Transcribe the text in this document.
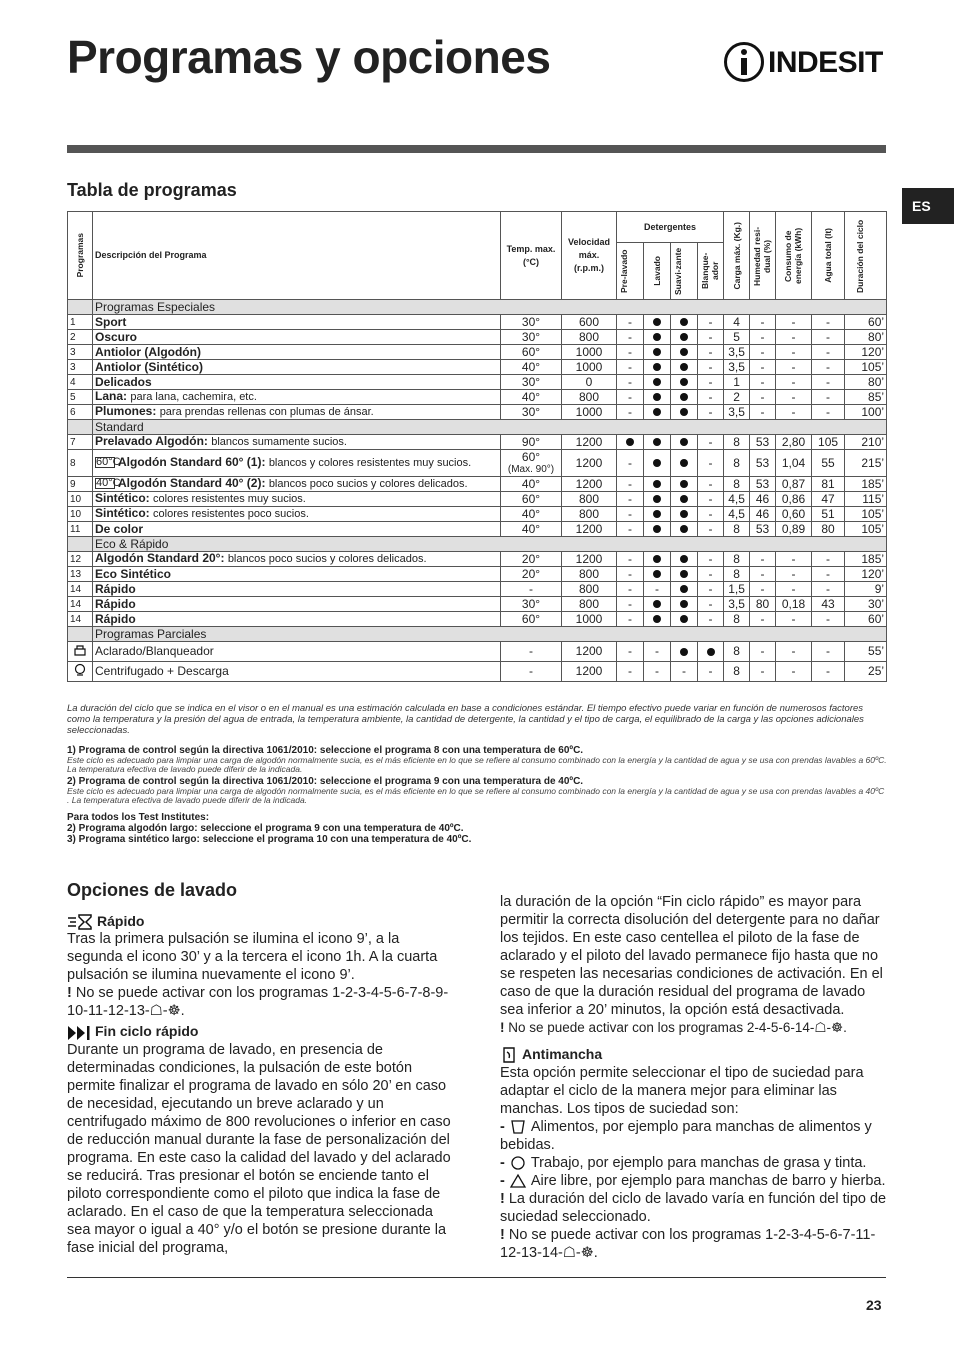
Programas y opciones	INDESIT
ES
Tabla de programas
Programas	Descripción del Programa	Temp. max. (°C)	Velocidad máx. (r.p.m.)	Detergentes				Carga máx. (Kg.)	Humedad resi-dual (%)	Consumo de energía (kWh)	Agua total (lt)	Duración del ciclo

				Pre-lavado	Lavado	Suavi-zante	Blanque-ador					

	Programas Especiales											
1	Sport	30°	600	-			-	4	-	-	-	60’
2	Oscuro	30°	800	-			-	5	-	-	-	80’
3	Antiolor (Algodón)	60°	1000	-			-	3,5	-	-	-	120’
3	Antiolor (Sintético)	40°	1000	-			-	3,5	-	-	-	105’
4	Delicados	30°	0	-			-	1	-	-	-	80’
5	Lana: para lana, cachemira, etc.	40°	800	-			-	2	-	-	-	85’
6	Plumones: para prendas rellenas con plumas de ánsar.	30°	1000	-			-	3,5	-	-	-	100’
	Standard											
7	Prelavado Algodón: blancos sumamente sucios.	90°	1200				-	8	53	2,80	105	210’
8	60°CAlgodón Standard 60° (1): blancos y colores resistentes muy sucios.	60°
(Max. 90°)	1200	-			-	8	53	1,04	55	215’
9	40°CAlgodón Standard 40° (2): blancos poco sucios y colores delicados.	40°	1200	-			-	8	53	0,87	81	185’
10	Sintético: colores resistentes muy sucios.	60°	800	-			-	4,5	46	0,86	47	115’
10	Sintético: colores resistentes poco sucios.	40°	800	-			-	4,5	46	0,60	51	105’
11	De color	40°	1200	-			-	8	53	0,89	80	105’
	Eco & Rápido											
12	Algodón Standard 20°: blancos poco sucios y colores delicados.	20°	1200	-			-	8	-	-	-	185’
13	Eco Sintético	20°	800	-			-	8	-	-	-	120’
14	Rápido	-	800	-	-		-	1,5	-	-	-	9’
14	Rápido	30°	800	-			-	3,5	80	0,18	43	30’
14	Rápido	60°	1000	-			-	8	-	-	-	60’
	Programas Parciales											
	Aclarado/Blanqueador	-	1200	-	-			8	-	-	-	55’
	Centrifugado + Descarga	-	1200	-	-	-	-	8	-	-	-	25’
La duración del ciclo que se indica en el visor o en el manual es una estimación calculada en base a condiciones estándar. El tiempo efectivo puede variar en función de numerosos factores como la temperatura y la presión del agua de entrada, la temperatura ambiente, la cantidad de detergente, la cantidad y el tipo de carga, el equilibrado de la carga y las opciones adicionales seleccionadas.
1) Programa de control según la directiva 1061/2010: seleccione el programa 8 con una temperatura de 60ºC.
Este ciclo es adecuado para limpiar una carga de algodón normalmente sucia, es el más eficiente en lo que se refiere al consumo combinado con la energía y la cantidad de agua y se usa con prendas lavables a 60ºC. La temperatura efectiva de lavado puede diferir de la indicada.
2) Programa de control según la directiva 1061/2010: seleccione el programa 9 con una temperatura de 40ºC.
Este ciclo es adecuado para limpiar una carga de algodón normalmente sucia, es el más eficiente en lo que se refiere al consumo combinado con la energía y la cantidad de agua y se usa con prendas lavables a 40ºC . La temperatura efectiva de lavado puede diferir de la indicada.
Para todos los Test Institutes:
2) Programa algodón largo: seleccione el programa 9 con una temperatura de 40ºC.
3) Programa sintético largo: seleccione el programa 10 con una temperatura de 40ºC.
Opciones de lavado
Rápido

Tras la primera pulsación se ilumina el icono 9’, a la segunda el icono 30’ y a la tercera el icono 1h. A la cuarta pulsación se ilumina nuevamente el icono 9’.

! No se puede activar con los programas 1-2-3-4-5-6-7-8-9-10-11-12-13-☖-☸.

Fin ciclo rápido

Durante un programa de lavado, en presencia de determinadas condiciones, la pulsación de este botón permite finalizar el programa de lavado en sólo 20’ en caso de necesidad, ejecutando un breve aclarado y un centrifugado máximo de 800 revoluciones o inferior en caso de reducción manual durante la fase de personalización del programa. En este caso la calidad del lavado y del aclarado se reducirá. Tras presionar el botón se enciende tanto el piloto correspondiente como el piloto que indica la fase de aclarado. En el caso de que la temperatura seleccionada sea mayor o igual a 40° y/o el botón se presione durante la fase inicial del programa,

la duración de la opción “Fin ciclo rápido” es mayor para permitir la correcta disolución del detergente para no dañar los tejidos. En este caso centellea el piloto de la fase de aclarado y el piloto del lavado permanece fijo hasta que no se respeten las necesarias condiciones de activación. En el caso de que la duración residual del programa de lavado sea inferior a 20’ minutos, la opción está desactivada.

! No se puede activar con los programas 2-4-5-6-14-☖-☸.

Antimancha

Esta opción permite seleccionar el tipo de suciedad para adaptar el ciclo de la manera mejor para eliminar las manchas. Los tipos de suciedad son:

- Alimentos, por ejemplo para manchas de alimentos y bebidas.

- Trabajo, por ejemplo para manchas de grasa y tinta.

- Aire libre, por ejemplo para manchas de barro y hierba.

! La duración del ciclo de lavado varía en función del tipo de suciedad seleccionado.

! No se puede activar con los programas 1-2-3-4-5-6-7-11-12-13-14-☖-☸.

23
